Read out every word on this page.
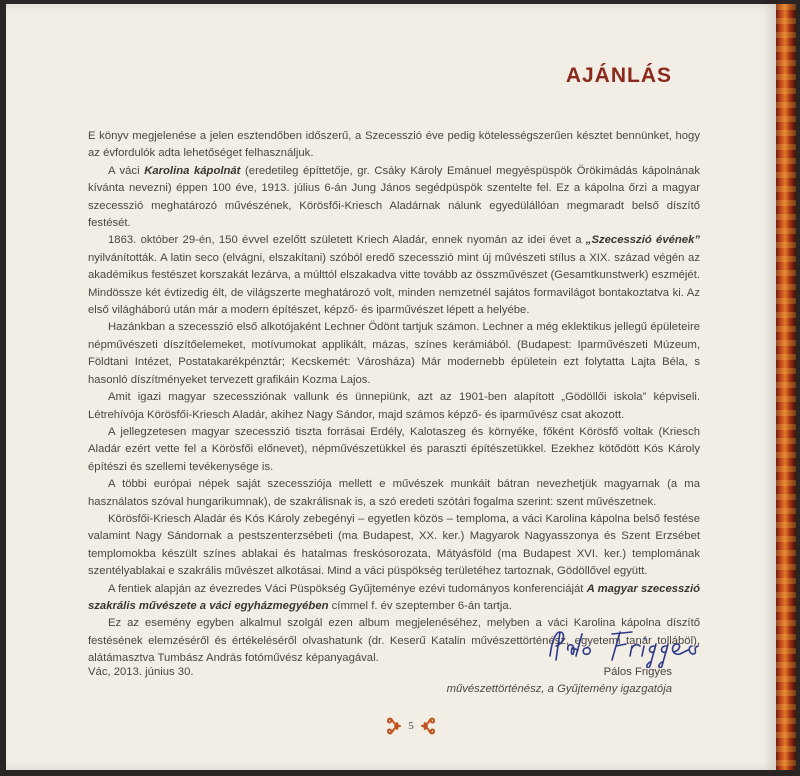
AJÁNLÁS

E könyv megjelenése a jelen esztendőben időszerű, a Szecesszió éve pedig kötelességszerűen késztet bennünket, hogy az évfordulók adta lehetőséget felhasználjuk.

A váci Karolina kápolnát (eredetileg építtetője, gr. Csáky Károly Emánuel megyéspüspök Örökimádás kápolnának kívánta nevezni) éppen 100 éve, 1913. július 6-án Jung János segédpüspök szentelte fel. Ez a kápolna őrzi a magyar szecesszió meghatározó művészének, Körösfői-Kriesch Aladárnak nálunk egyedülállóan megmaradt belső díszítő festését.

1863. október 29-én, 150 évvel ezelőtt született Kriech Aladár, ennek nyomán az idei évet a „Szecesszió évének” nyilvánították. A latin seco (elvágni, elszakítani) szóból eredő szecesszió mint új művészeti stílus a XIX. század végén az akadémikus festészet korszakát lezárva, a múlttól elszakadva vitte tovább az összművészet (Gesamtkunstwerk) eszméjét. Mindössze két évtizedig élt, de világszerte meghatározó volt, minden nemzetnél sajátos formavilágot bontakoztatva ki. Az első világháború után már a modern építészet, képző- és iparművészet lépett a helyébe.

Hazánkban a szecesszió első alkotójaként Lechner Ödönt tartjuk számon. Lechner a még eklektikus jellegű épületeire népművészeti díszítőelemeket, motívumokat applikált, mázas, színes kerámiából. (Budapest: Iparművészeti Múzeum, Földtani Intézet, Postatakarékpénztár; Kecskemét: Városháza) Már modernebb épületein ezt folytatta Lajta Béla, s hasonló díszítményeket tervezett grafikáin Kozma Lajos.

Amit igazi magyar szecessziónak vallunk és ünnepiünk, azt az 1901-ben alapított „Gödöllői iskola” képviseli. Létrehívója Körösfői-Kriesch Aladár, akihez Nagy Sándor, majd számos képző- és iparművész csat akozott.

A jellegzetesen magyar szecesszió tiszta forrásai Erdély, Kalotaszeg és környéke, főként Körösfő voltak (Kriesch Aladár ezért vette fel a Körösfői előnevet), népművészetükkel és paraszti építészetükkel. Ezekhez kötődött Kós Károly építészi és szellemi tevékenysége is.

A többi európai népek saját szecessziója mellett e művészek munkáit bátran nevezhetjük magyarnak (a ma használatos szóval hungarikumnak), de szakrálisnak is, a szó eredeti szótári fogalma szerint: szent művészetnek.

Körösfői-Kriesch Aladár és Kós Károly zebegényi – egyetlen közös – temploma, a váci Karolina kápolna belső festése valamint Nagy Sándornak a pestszenterzsébeti (ma Budapest, XX. ker.) Magyarok Nagyasszonya és Szent Erzsébet templomokba készült színes ablakai és hatalmas freskósorozata, Mátyásföld (ma Budapest XVI. ker.) templomának szentélyablakai e szakrális művészet alkotásai. Mind a váci püspökség területéhez tartoznak, Gödöllővel együtt.

A fentiek alapján az évezredes Váci Püspökség Gyűjteménye ezévi tudományos konferenciáját A magyar szecesszió szakrális művészete a váci egyházmegyében címmel f. év szeptember 6-án tartja.

Ez az esemény egyben alkalmul szolgál ezen album megjelenéséhez, melyben a váci Karolina kápolna díszítő festésének elemzéséről és értékeléséről olvashatunk (dr. Keserű Katalin művészettörténész, egyetemi tanár tolláböl), alátámasztva Tumbász András fotóművész képanyagával.

Vác, 2013. június 30.	Pálos Frigyes
művészettörténész, a Gyűjtemény igazgatója
5
